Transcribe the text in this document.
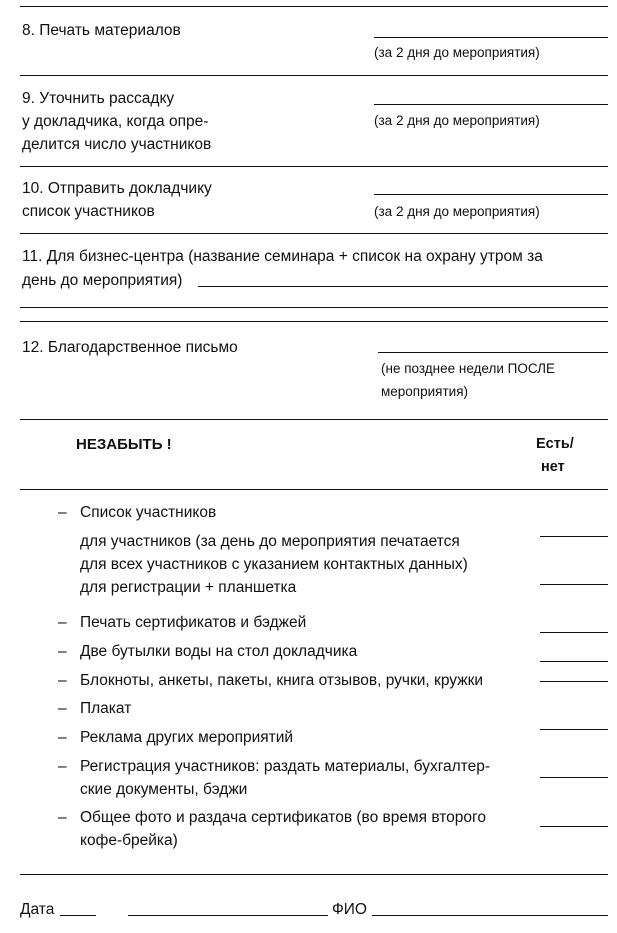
8. Печать материалов
(за 2 дня до мероприятия)
9. Уточнить рассадку
у докладчика, когда опре-
делится число участников
(за 2 дня до мероприятия)
10. Отправить докладчику
список участников	(за 2 дня до мероприятия)
11. Для бизнес-центра (название семинара + список на охрану утром за
день до мероприятия)
12. Благодарственное письмо
(не позднее недели ПОСЛЕ
мероприятия)
НЕЗАБЫТЬ !	Есть/
нет
– Список участников
для участников (за день до мероприятия печатается
для всех участников с указанием контактных данных)
для регистрации + планшетка
– Печать сертификатов и бэджей
– Две бутылки воды на стол докладчика
– Блокноты, анкеты, пакеты, книга отзывов, ручки, кружки
– Плакат
– Реклама других мероприятий
– Регистрация участников: раздать материалы, бухгалтер-
ские документы, бэджи
– Общее фото и раздача сертификатов (во время второго
кофе-брейка)
Дата	ФИО
